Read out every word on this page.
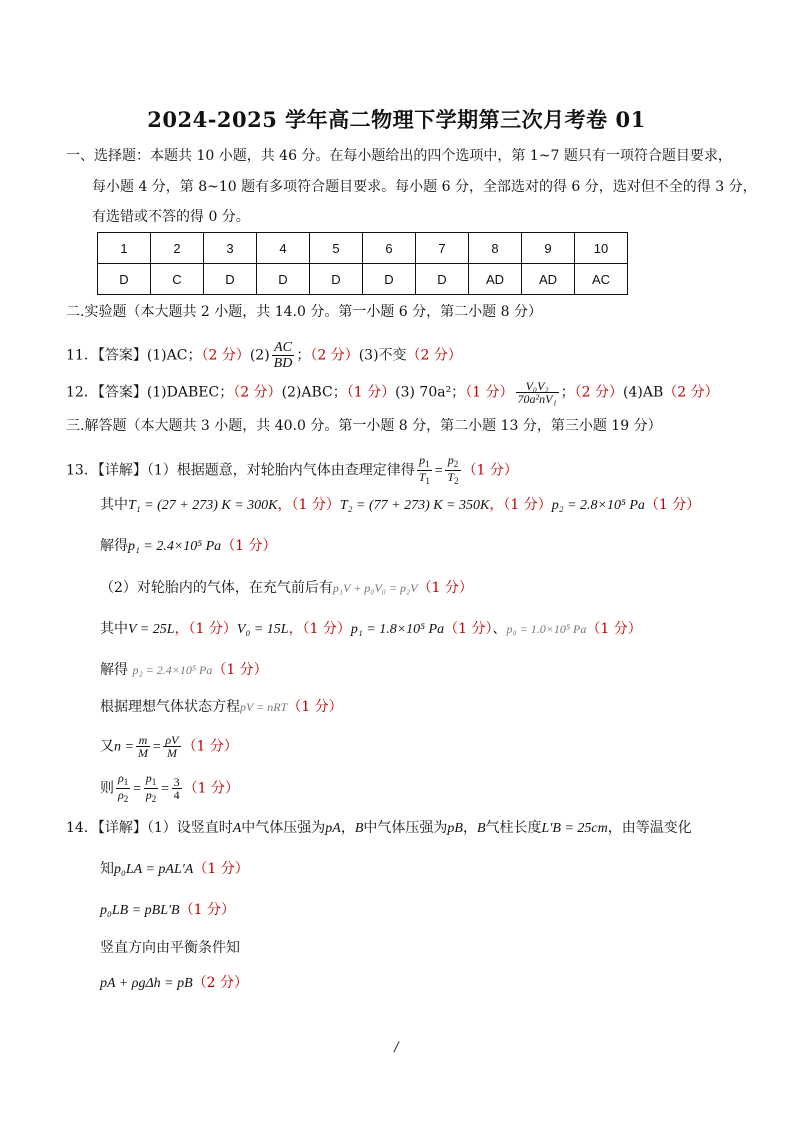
2024-2025 学年高二物理下学期第三次月考卷 01
一、选择题：本题共 10 小题，共 46 分。在每小题给出的四个选项中，第 1~7 题只有一项符合题目要求，
每小题 4 分，第 8~10 题有多项符合题目要求。每小题 6 分，全部选对的得 6 分，选对但不全的得 3 分，
有选错或不答的得 0 分。
1	2	3	4	5	6	7	8	9	10
D	C	D	D	D	D	D	AD	AD	AC
二.实验题（本大题共 2 小题，共 14.0 分。第一小题 6 分，第二小题 8 分）
11．【答案】(1)AC；（2 分）$(2) \frac{AC}{BD}$ ；（2 分）(3)不变（2 分）
12．【答案】(1)DABEC；（2 分）(2)ABC；（1 分）(3) 70a²；（1 分） $\frac{\text{V₀V₂}}{\text{70a²nV₁}}$ ；（2 分）(4)AB（2 分）
三.解答题（本大题共 3 小题，共 40.0 分。第一小题 8 分，第二小题 13 分，第三小题 19 分）
13．【详解】（1）根据题意，对轮胎内气体由查理定律得 $\frac{p_1}{T_1} = \frac{p_2}{T_2} (1$ 分）
其中T₁ = (27 + 273) K = 300K，（1 分）T₂ = (77 + 273) K = 350K，（1 分）p₂ = 2.8×10⁵ Pa（1 分）
解得p₁ = 2.4×10⁵ Pa（1 分）
（2）对轮胎内的气体，在充气前后有p₁V + p₀V₀ = p₂V（1 分）
其中V = 25L，（1 分）V₀ = 15L，（1 分）p₁ = 1.8×10⁵ Pa（1 分）、p₀ = 1.0×10⁵ Pa（1 分）
解得 p₂ = 2.4×10⁵ Pa（1 分）
根据理想气体状态方程pV = nRT（1 分）
又$n = \frac{m}{M} = \frac{\rho V}{M} (1$ 分）
则 $\frac{\rho_1}{\rho_2} = \frac{p_1}{p_2} = \frac{3}{4} (1$ 分）
14．【详解】（1）设竖直时A中气体压强为pA，B中气体压强为pB，B气柱长度L′B = 25cm，由等温变化
知p₀LA = pAL′A（1 分）
p₀LB = pBL′B（1 分）
竖直方向由平衡条件知
pA + ρgΔh = pB（2 分）
/
